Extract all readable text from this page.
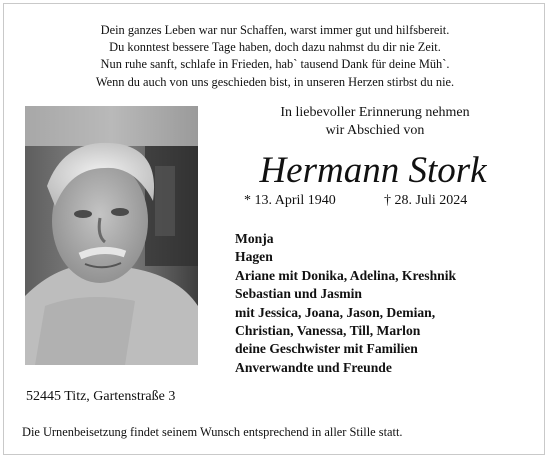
Dein ganzes Leben war nur Schaffen, warst immer gut und hilfsbereit.
Du konntest bessere Tage haben, doch dazu nahmst du dir nie Zeit.
Nun ruhe sanft, schlafe in Frieden, hab` tausend Dank für deine Müh`.
Wenn du auch von uns geschieden bist, in unseren Herzen stirbst du nie.
In liebevoller Erinnerung nehmen
wir Abschied von
Hermann Stork
* 13. April 1940	† 28. Juli 2024
Monja
Hagen
Ariane mit Donika, Adelina, Kreshnik
Sebastian und Jasmin
mit Jessica, Joana, Jason, Demian,
Christian, Vanessa, Till, Marlon
deine Geschwister mit Familien
Anverwandte und Freunde
52445 Titz, Gartenstraße 3
Die Urnenbeisetzung findet seinem Wunsch entsprechend in aller Stille statt.
